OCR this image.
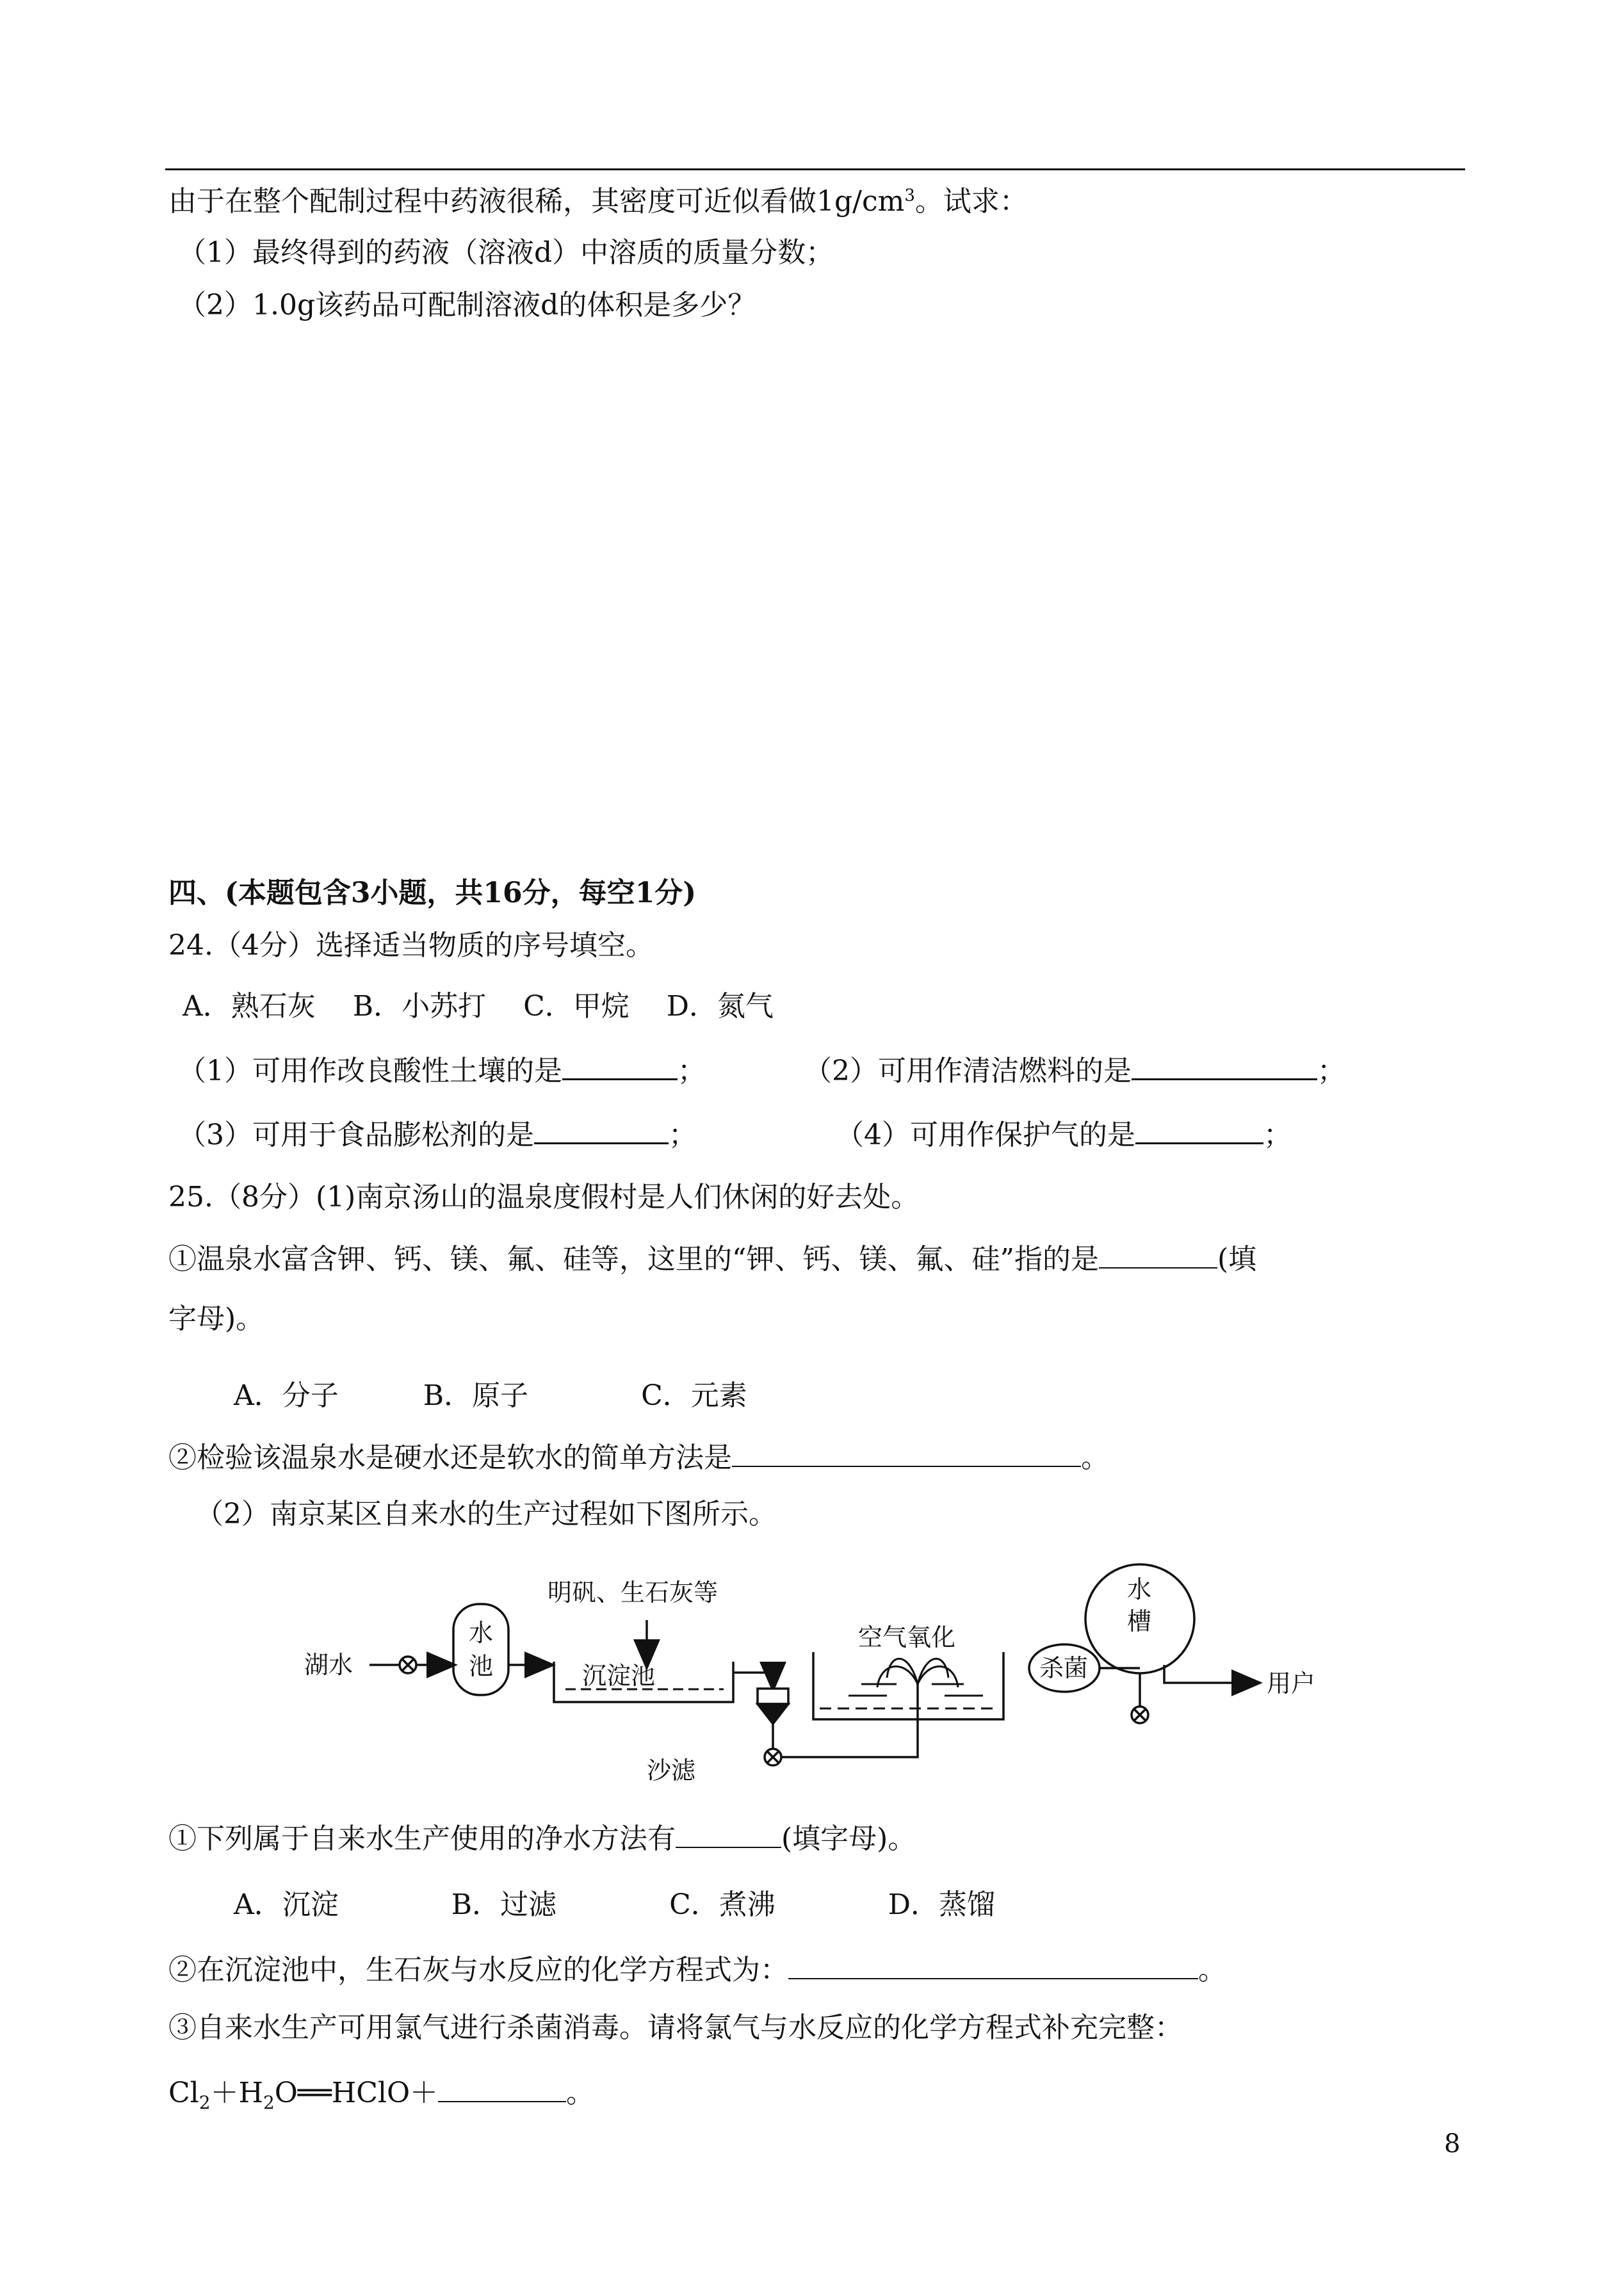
由于在整个配制过程中药液很稀，其密度可近似看做$1g/cm^3$。试求：
（1）最终得到的药液（溶液d）中溶质的质量分数；
（2）1.0g该药品可配制溶液d的体积是多少？
四、(本题包含3小题，共16分，每空1分)
24.（4分）选择适当物质的序号填空。
A．熟石灰　 B．小苏打　 C．甲烷　 D．氮气
（1）可用作改良酸性土壤的是	；	（2）可用作清洁燃料的是	；
（3）可用于食品膨松剂的是	；	（4）可用作保护气的是	；
25.（8分）(1)南京汤山的温泉度假村是人们休闲的好去处。
①温泉水富含钾、钙、镁、氟、硅等，这里的“钾、钙、镁、氟、硅”指的是	(填
字母)。
A．分子　　　B．原子　　　　C．元素
②检验该温泉水是硬水还是软水的简单方法是	。
（2）南京某区自来水的生产过程如下图所示。
湖水
水
池
明矾、生石灰等
沉淀池
沙滤
空气氧化
杀菌
水
槽
用户
①下列属于自来水生产使用的净水方法有	(填字母)。
A．沉淀　　　　B．过滤　　　　C．煮沸　　　　D．蒸馏
②在沉淀池中，生石灰与水反应的化学方程式为：	。
③自来水生产可用氯气进行杀菌消毒。请将氯气与水反应的化学方程式补充完整：
$Cl_2+H_2O══HClO+$	。
8
